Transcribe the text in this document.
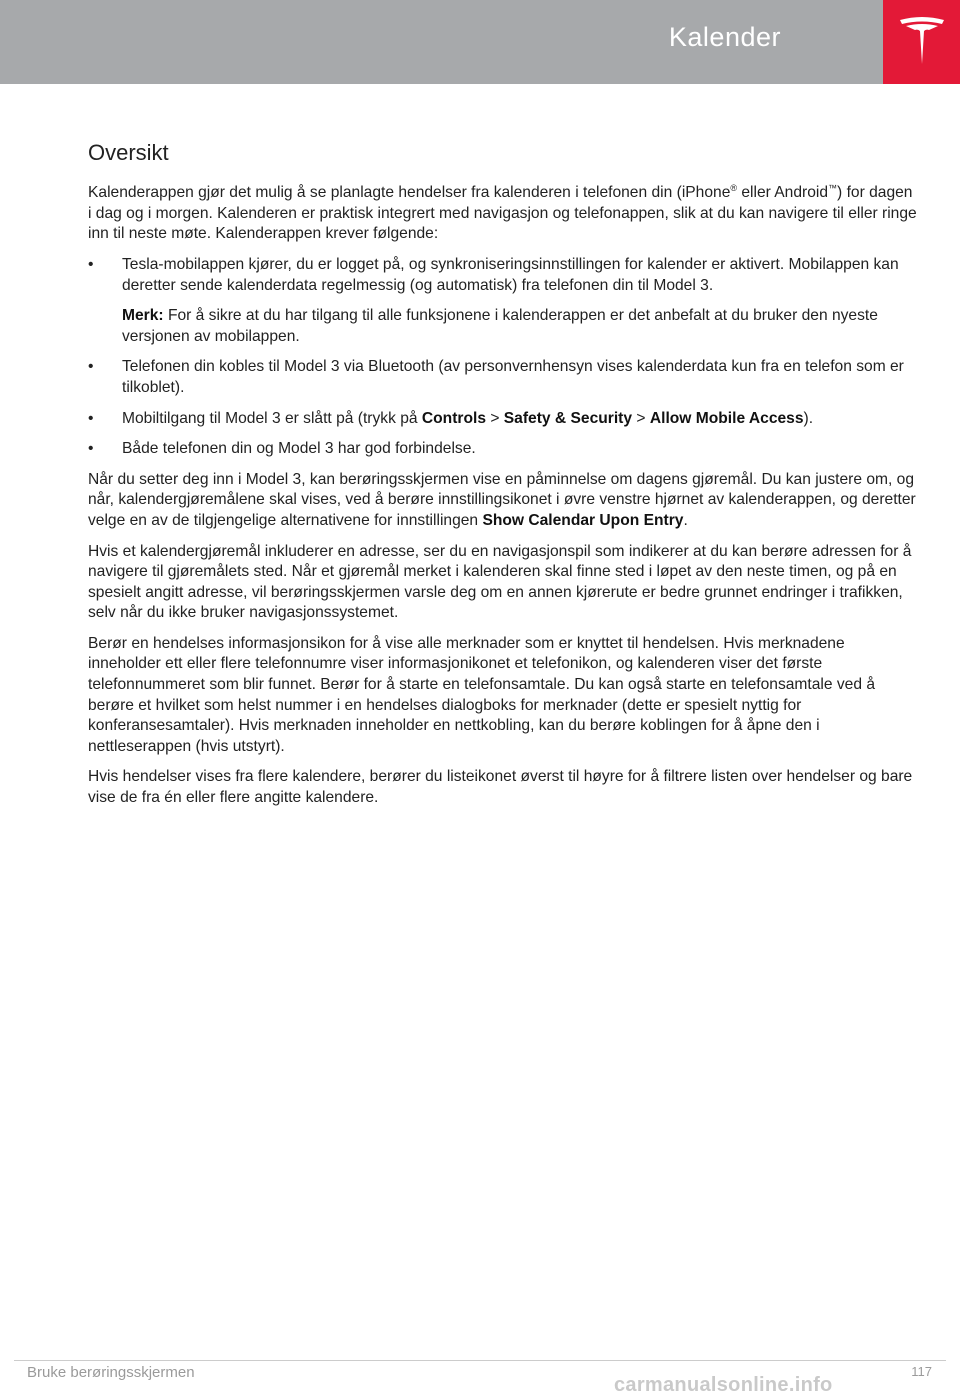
Kalender
Oversikt

Kalenderappen gjør det mulig å se planlagte hendelser fra kalenderen i telefonen din (iPhone® eller Android™) for dagen i dag og i morgen. Kalenderen er praktisk integrert med navigasjon og telefonappen, slik at du kan navigere til eller ringe inn til neste møte. Kalenderappen krever følgende:

• Tesla-mobilappen kjører, du er logget på, og synkroniseringsinnstillingen for kalender er aktivert. Mobilappen kan deretter sende kalenderdata regelmessig (og automatisk) fra telefonen din til Model 3.

Merk: For å sikre at du har tilgang til alle funksjonene i kalenderappen er det anbefalt at du bruker den nyeste versjonen av mobilappen.

• Telefonen din kobles til Model 3 via Bluetooth (av personvernhensyn vises kalenderdata kun fra en telefon som er tilkoblet).
• Mobiltilgang til Model 3 er slått på (trykk på Controls > Safety & Security > Allow Mobile Access).
• Både telefonen din og Model 3 har god forbindelse.

Når du setter deg inn i Model 3, kan berøringsskjermen vise en påminnelse om dagens gjøremål. Du kan justere om, og når, kalendergjøremålene skal vises, ved å berøre innstillingsikonet i øvre venstre hjørnet av kalenderappen, og deretter velge en av de tilgjengelige alternativene for innstillingen Show Calendar Upon Entry.

Hvis et kalendergjøremål inkluderer en adresse, ser du en navigasjonspil som indikerer at du kan berøre adressen for å navigere til gjøremålets sted. Når et gjøremål merket i kalenderen skal finne sted i løpet av den neste timen, og på en spesielt angitt adresse, vil berøringsskjermen varsle deg om en annen kjørerute er bedre grunnet endringer i trafikken, selv når du ikke bruker navigasjonssystemet.

Berør en hendelses informasjonsikon for å vise alle merknader som er knyttet til hendelsen. Hvis merknadene inneholder ett eller flere telefonnumre viser informasjonikonet et telefonikon, og kalenderen viser det første telefonnummeret som blir funnet. Berør for å starte en telefonsamtale. Du kan også starte en telefonsamtale ved å berøre et hvilket som helst nummer i en hendelses dialogboks for merknader (dette er spesielt nyttig for konferansesamtaler). Hvis merknaden inneholder en nettkobling, kan du berøre koblingen for å åpne den i nettleserappen (hvis utstyrt).

Hvis hendelser vises fra flere kalendere, berører du listeikonet øverst til høyre for å filtrere listen over hendelser og bare vise de fra én eller flere angitte kalendere.

Bruke berøringsskjermen	117
carmanualsonline.info
